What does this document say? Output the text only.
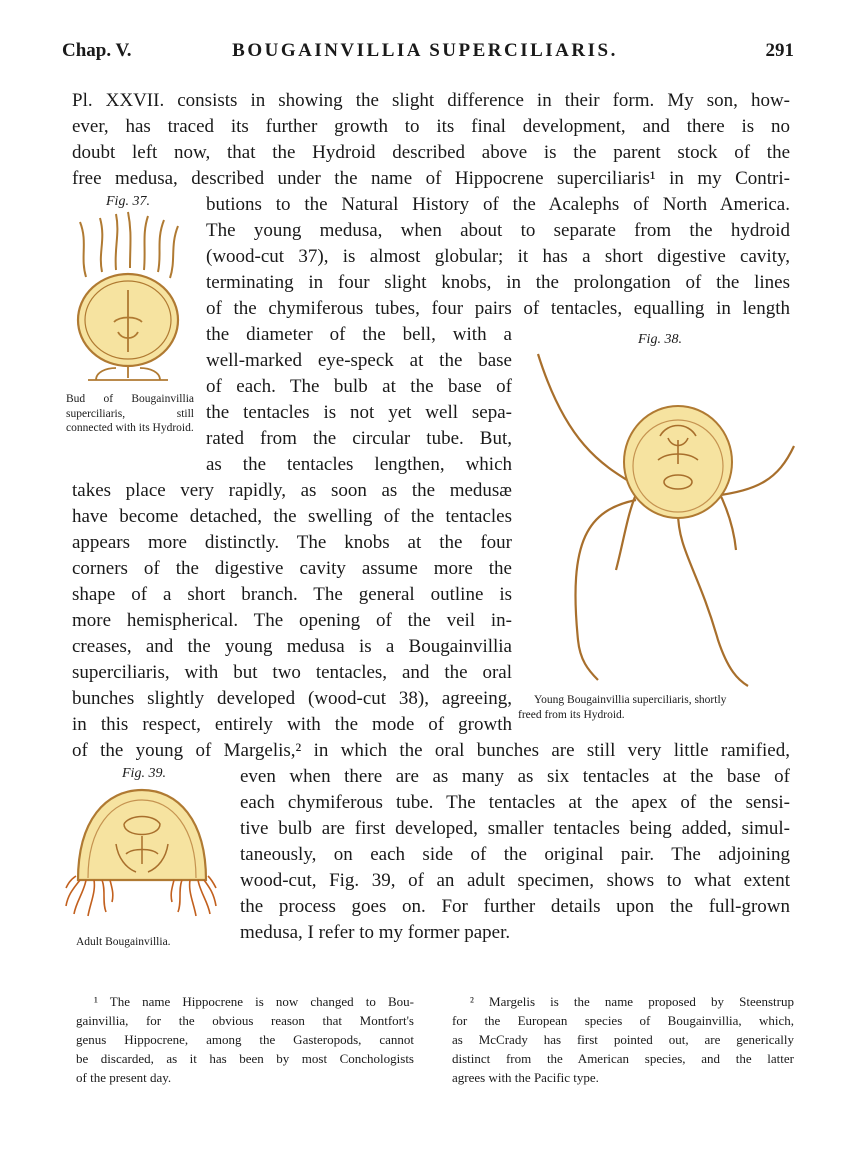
Chap. V.	BOUGAINVILLIA SUPERCILIARIS.	291
Pl. XXVII. consists in showing the slight difference in their form. My son, how-
ever, has traced its further growth to its final development, and there is no
doubt left now, that the Hydroid described above is the parent stock of the
free medusa, described under the name of Hippocrene superciliaris¹ in my Contri-
butions to the Natural History of the Acalephs of North America.
The young medusa, when about to separate from the hydroid
(wood-cut 37), is almost globular; it has a short digestive cavity,
terminating in four slight knobs, in the prolongation of the lines
of the chymiferous tubes, four pairs of tentacles, equalling in length
the diameter of the bell, with a
well-marked eye-speck at the base
of each. The bulb at the base of
the tentacles is not yet well sepa-
rated from the circular tube. But,
as the tentacles lengthen, which
takes place very rapidly, as soon as the medusæ
have become detached, the swelling of the tentacles
appears more distinctly. The knobs at the four
corners of the digestive cavity assume more the
shape of a short branch. The general outline is
more hemispherical. The opening of the veil in-
creases, and the young medusa is a Bougainvillia
superciliaris, with but two tentacles, and the oral
bunches slightly developed (wood-cut 38), agreeing,
in this respect, entirely with the mode of growth
of the young of Margelis,² in which the oral bunches are still very little ramified,
even when there are as many as six tentacles at the base of
each chymiferous tube. The tentacles at the apex of the sensi-
tive bulb are first developed, smaller tentacles being added, simul-
taneously, on each side of the original pair. The adjoining
wood-cut, Fig. 39, of an adult specimen, shows to what extent
the process goes on. For further details upon the full-grown
medusa, I refer to my former paper.
Fig. 37.
Bud of Bougainvillia superciliaris, still connected with its Hydroid.
Fig. 38.
Young Bougainvillia superciliaris, shortly
freed from its Hydroid.
Fig. 39.
Adult Bougainvillia.
¹ The name Hippocrene is now changed to Bou-
gainvillia, for the obvious reason that Montfort's
genus Hippocrene, among the Gasteropods, cannot
be discarded, as it has been by most Conchologists
of the present day.
² Margelis is the name proposed by Steenstrup
for the European species of Bougainvillia, which,
as McCrady has first pointed out, are generically
distinct from the American species, and the latter
agrees with the Pacific type.
